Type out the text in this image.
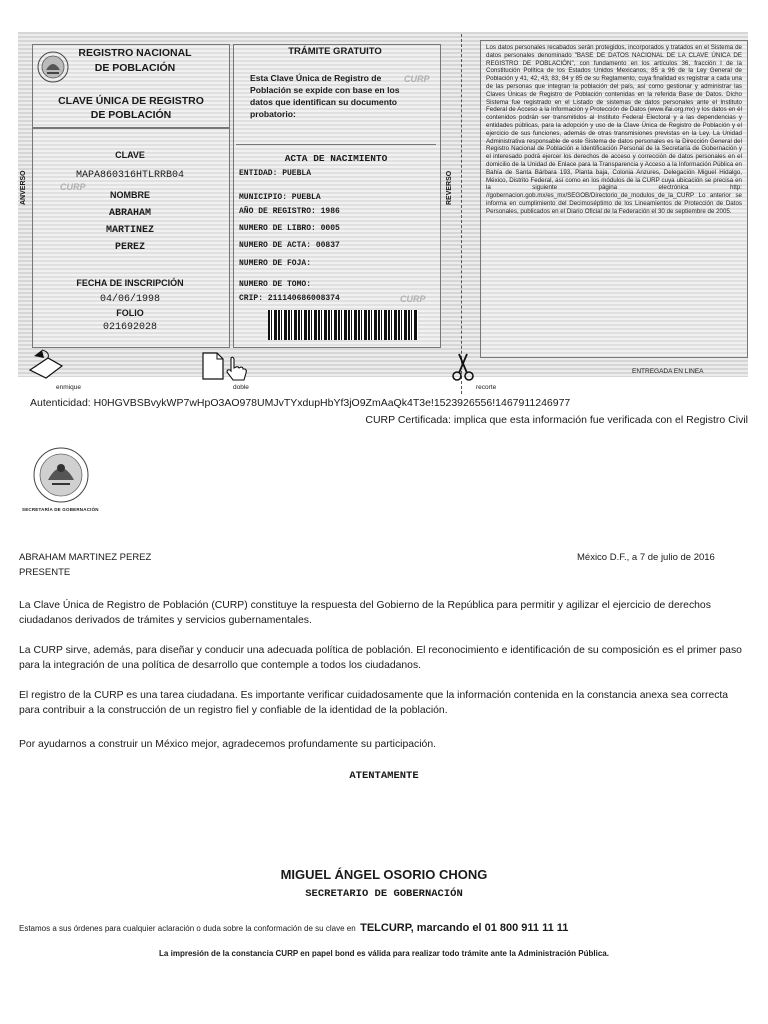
REGISTRO NACIONAL
DE POBLACIÓN
CLAVE ÚNICA DE REGISTRO
DE POBLACIÓN
CLAVE
MAPA860316HTLRRB04
CURP
NOMBRE
ABRAHAM
MARTINEZ
PEREZ
FECHA DE INSCRIPCIÓN
04/06/1998
FOLIO
021692028
ANVERSO	REVERSO
TRÁMITE GRATUITO
Esta Clave Única de Registro de Población se expide con base en los datos que identifican su documento probatorio:
CURP
ACTA DE NACIMIENTO
ENTIDAD: PUEBLA
MUNICIPIO: PUEBLA
AÑO DE REGISTRO: 1986
NUMERO DE LIBRO: 0005
NUMERO DE ACTA: 00837
NUMERO DE FOJA:
NUMERO DE TOMO:
CRIP: 211140686008374	CURP
Los datos personales recabados serán protegidos, incorporados y tratados en el Sistema de datos personales denominado "BASE DE DATOS NACIONAL DE LA CLAVE ÚNICA DE REGISTRO DE POBLACIÓN", con fundamento en los artículos 36, fracción I de la Constitución Política de los Estados Unidos Mexicanos, 85 a 96 de la Ley General de Población y 41, 42, 43, 83, 84 y 85 de su Reglamento, cuya finalidad es registrar a cada una de las personas que integran la población del país, así como gestionar y administrar las Claves Únicas de Registro de Población contenidas en la referida Base de Datos. Dicho Sistema fue registrado en el Listado de sistemas de datos personales ante el Instituto Federal de Acceso a la Información y Protección de Datos (www.ifai.org.mx) y los datos en él contenidos podrán ser transmitidos al Instituto Federal Electoral y a las dependencias y entidades públicas, para la adopción y uso de la Clave Única de Registro de Población y el ejercicio de sus funciones, además de otras transmisiones previstas en la Ley. La Unidad Administrativa responsable de este Sistema de datos personales es la Dirección General del Registro Nacional de Población e Identificación Personal de la Secretaría de Gobernación y el interesado podrá ejercer los derechos de acceso y corrección de datos personales en el domicilio de la Unidad de Enlace para la Transparencia y Acceso a la Información Pública en Bahía de Santa Bárbara 193, Planta baja, Colonia Anzures, Delegación Miguel Hidalgo, México, Distrito Federal, así como en los módulos de la CURP cuya ubicación se precisa en la siguiente página electrónica http: //gobernacion.gob.mx/es_mx/SEGOB/Directorio_de_modulos_de_la_CURP Lo anterior se informa en cumplimiento del Decimoséptimo de los Lineamientos de Protección de Datos Personales, publicados en el Diario Oficial de la Federación el 30 de septiembre de 2005.
ENTREGADA EN LINEA
enmique	doble	recorte
Autenticidad: H0HGVBSBvykWP7wHpO3AO978UMJvTYxdupHbYf3jO9ZmAaQk4T3e!1523926556!1467911246977
CURP Certificada: implica que esta información fue verificada con el Registro Civil
SECRETARÍA DE GOBERNACIÓN
ABRAHAM MARTINEZ PEREZ
PRESENTE
México D.F., a 7 de julio de 2016
La Clave Única de Registro de Población (CURP) constituye la respuesta del Gobierno de la República para permitir y agilizar el ejercicio de derechos ciudadanos derivados de trámites y servicios gubernamentales.
La CURP sirve, además, para diseñar y conducir una adecuada política de población. El reconocimiento e identificación de su composición es el primer paso para la integración de una política de desarrollo que contemple a todos los ciudadanos.
El registro de la CURP es una tarea ciudadana. Es importante verificar cuidadosamente que la información contenida en la constancia anexa sea correcta para contribuir a la construcción de un registro fiel y confiable de la identidad de la población.
Por ayudarnos a construir un México mejor, agradecemos profundamente su participación.
ATENTAMENTE
MIGUEL ÁNGEL OSORIO CHONG
SECRETARIO DE GOBERNACIÓN
Estamos a sus órdenes para cualquier aclaración o duda sobre la conformación de su clave en TELCURP, marcando el 01 800 911 11 11
La impresión de la constancia CURP en papel bond es válida para realizar todo trámite ante la Administración Pública.
